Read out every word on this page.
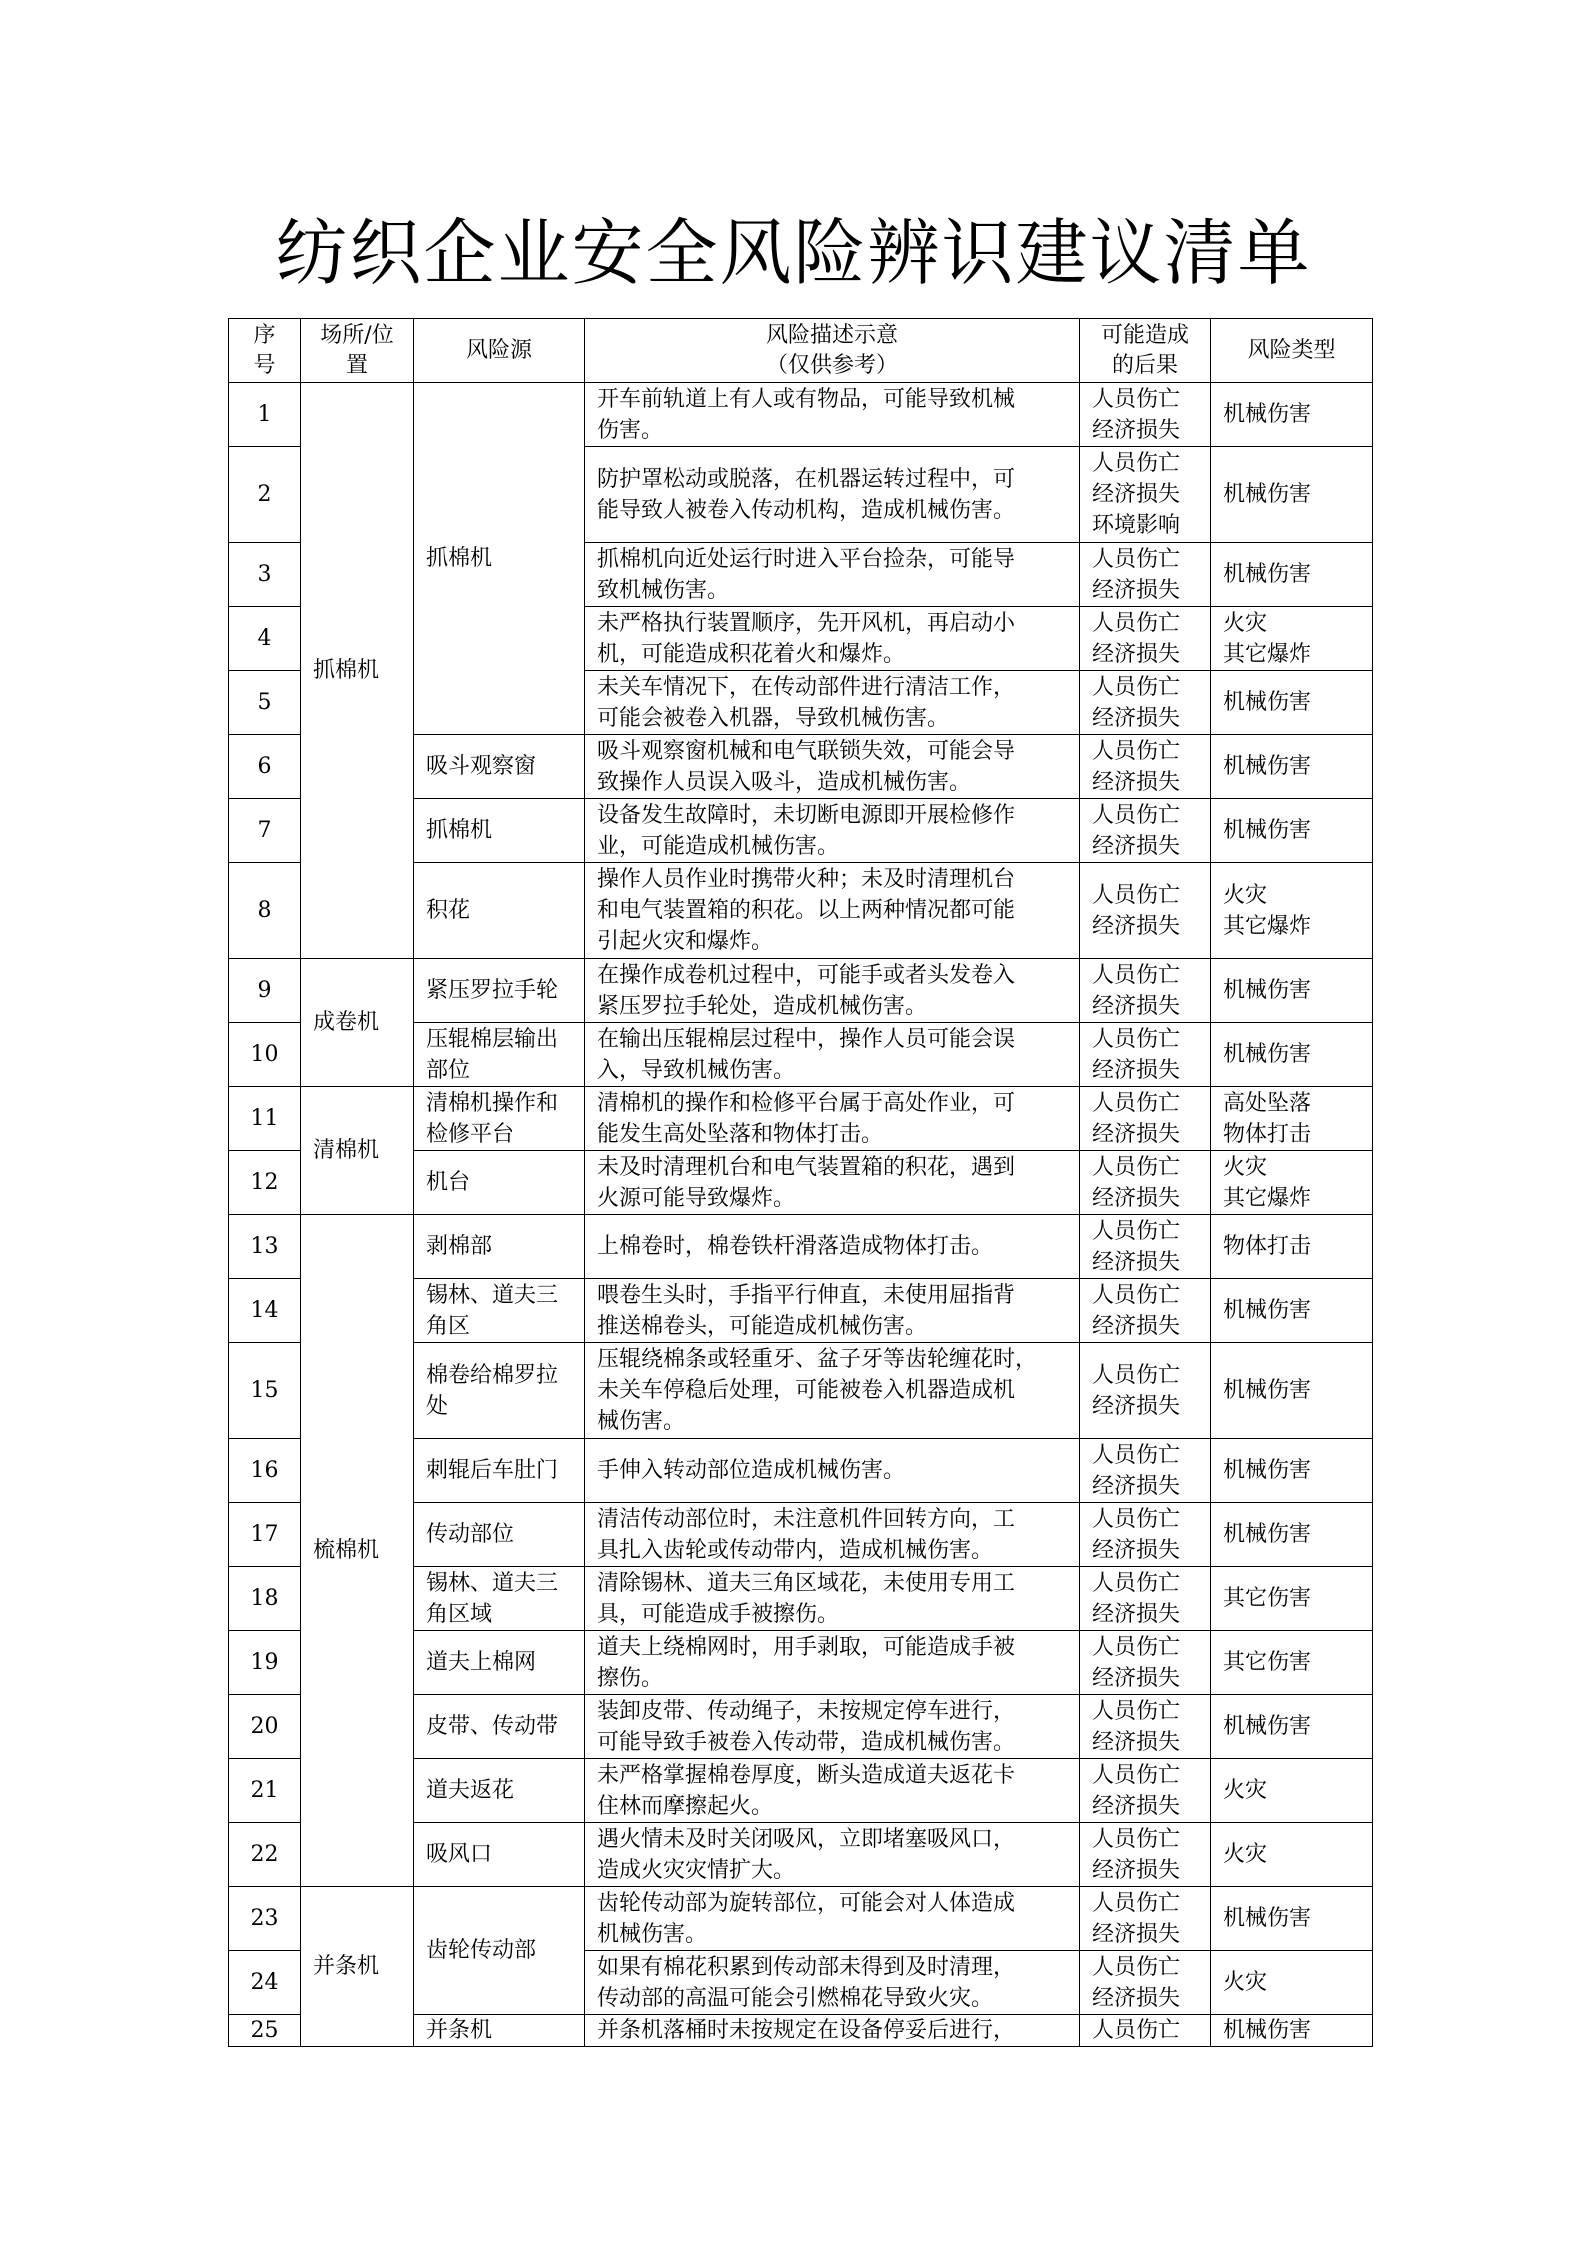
纺织企业安全风险辨识建议清单
序
号	场所/位
置	风险源	风险描述示意
（仅供参考）	可能造成
的后果	风险类型
1	抓棉机	抓棉机	开车前轨道上有人或有物品，可能导致机械
伤害。	人员伤亡
经济损失	机械伤害

2			防护罩松动或脱落，在机器运转过程中，可
能导致人被卷入传动机构，造成机械伤害。	人员伤亡
经济损失
环境影响	机械伤害

3			抓棉机向近处运行时进入平台捡杂，可能导
致机械伤害。	人员伤亡
经济损失	机械伤害

4			未严格执行装置顺序，先开风机，再启动小
机，可能造成积花着火和爆炸。	人员伤亡
经济损失	火灾
其它爆炸

5			未关车情况下，在传动部件进行清洁工作，
可能会被卷入机器，导致机械伤害。	人员伤亡
经济损失	机械伤害

6		吸斗观察窗	吸斗观察窗机械和电气联锁失效，可能会导
致操作人员误入吸斗，造成机械伤害。	人员伤亡
经济损失	机械伤害

7		抓棉机	设备发生故障时，未切断电源即开展检修作
业，可能造成机械伤害。	人员伤亡
经济损失	机械伤害

8		积花	操作人员作业时携带火种；未及时清理机台
和电气装置箱的积花。以上两种情况都可能
引起火灾和爆炸。	人员伤亡
经济损失	火灾
其它爆炸

9	成卷机	紧压罗拉手轮	在操作成卷机过程中，可能手或者头发卷入
紧压罗拉手轮处，造成机械伤害。	人员伤亡
经济损失	机械伤害

10		压辊棉层输出部位	在输出压辊棉层过程中，操作人员可能会误
入，导致机械伤害。	人员伤亡
经济损失	机械伤害

11	清棉机	清棉机操作和检修平台	清棉机的操作和检修平台属于高处作业，可
能发生高处坠落和物体打击。	人员伤亡
经济损失	高处坠落
物体打击

12		机台	未及时清理机台和电气装置箱的积花，遇到
火源可能导致爆炸。	人员伤亡
经济损失	火灾
其它爆炸

13	梳棉机	剥棉部	上棉卷时，棉卷铁杆滑落造成物体打击。	人员伤亡
经济损失	物体打击

14		锡林、道夫三角区	喂卷生头时，手指平行伸直，未使用屈指背
推送棉卷头，可能造成机械伤害。	人员伤亡
经济损失	机械伤害

15		棉卷给棉罗拉处	压辊绕棉条或轻重牙、盆子牙等齿轮缠花时，
未关车停稳后处理，可能被卷入机器造成机
械伤害。	人员伤亡
经济损失	机械伤害

16		刺辊后车肚门	手伸入转动部位造成机械伤害。	人员伤亡
经济损失	机械伤害

17		传动部位	清洁传动部位时，未注意机件回转方向，工
具扎入齿轮或传动带内，造成机械伤害。	人员伤亡
经济损失	机械伤害

18		锡林、道夫三角区域	清除锡林、道夫三角区域花，未使用专用工
具，可能造成手被擦伤。	人员伤亡
经济损失	其它伤害

19		道夫上棉网	道夫上绕棉网时，用手剥取，可能造成手被
擦伤。	人员伤亡
经济损失	其它伤害

20		皮带、传动带	装卸皮带、传动绳子，未按规定停车进行，
可能导致手被卷入传动带，造成机械伤害。	人员伤亡
经济损失	机械伤害

21		道夫返花	未严格掌握棉卷厚度，断头造成道夫返花卡
住林而摩擦起火。	人员伤亡
经济损失	火灾

22		吸风口	遇火情未及时关闭吸风，立即堵塞吸风口，
造成火灾灾情扩大。	人员伤亡
经济损失	火灾

23	并条机	齿轮传动部	齿轮传动部为旋转部位，可能会对人体造成
机械伤害。	人员伤亡
经济损失	机械伤害

24			如果有棉花积累到传动部未得到及时清理，
传动部的高温可能会引燃棉花导致火灾。	人员伤亡
经济损失	火灾

25		并条机	并条机落桶时未按规定在设备停妥后进行，	人员伤亡	机械伤害
